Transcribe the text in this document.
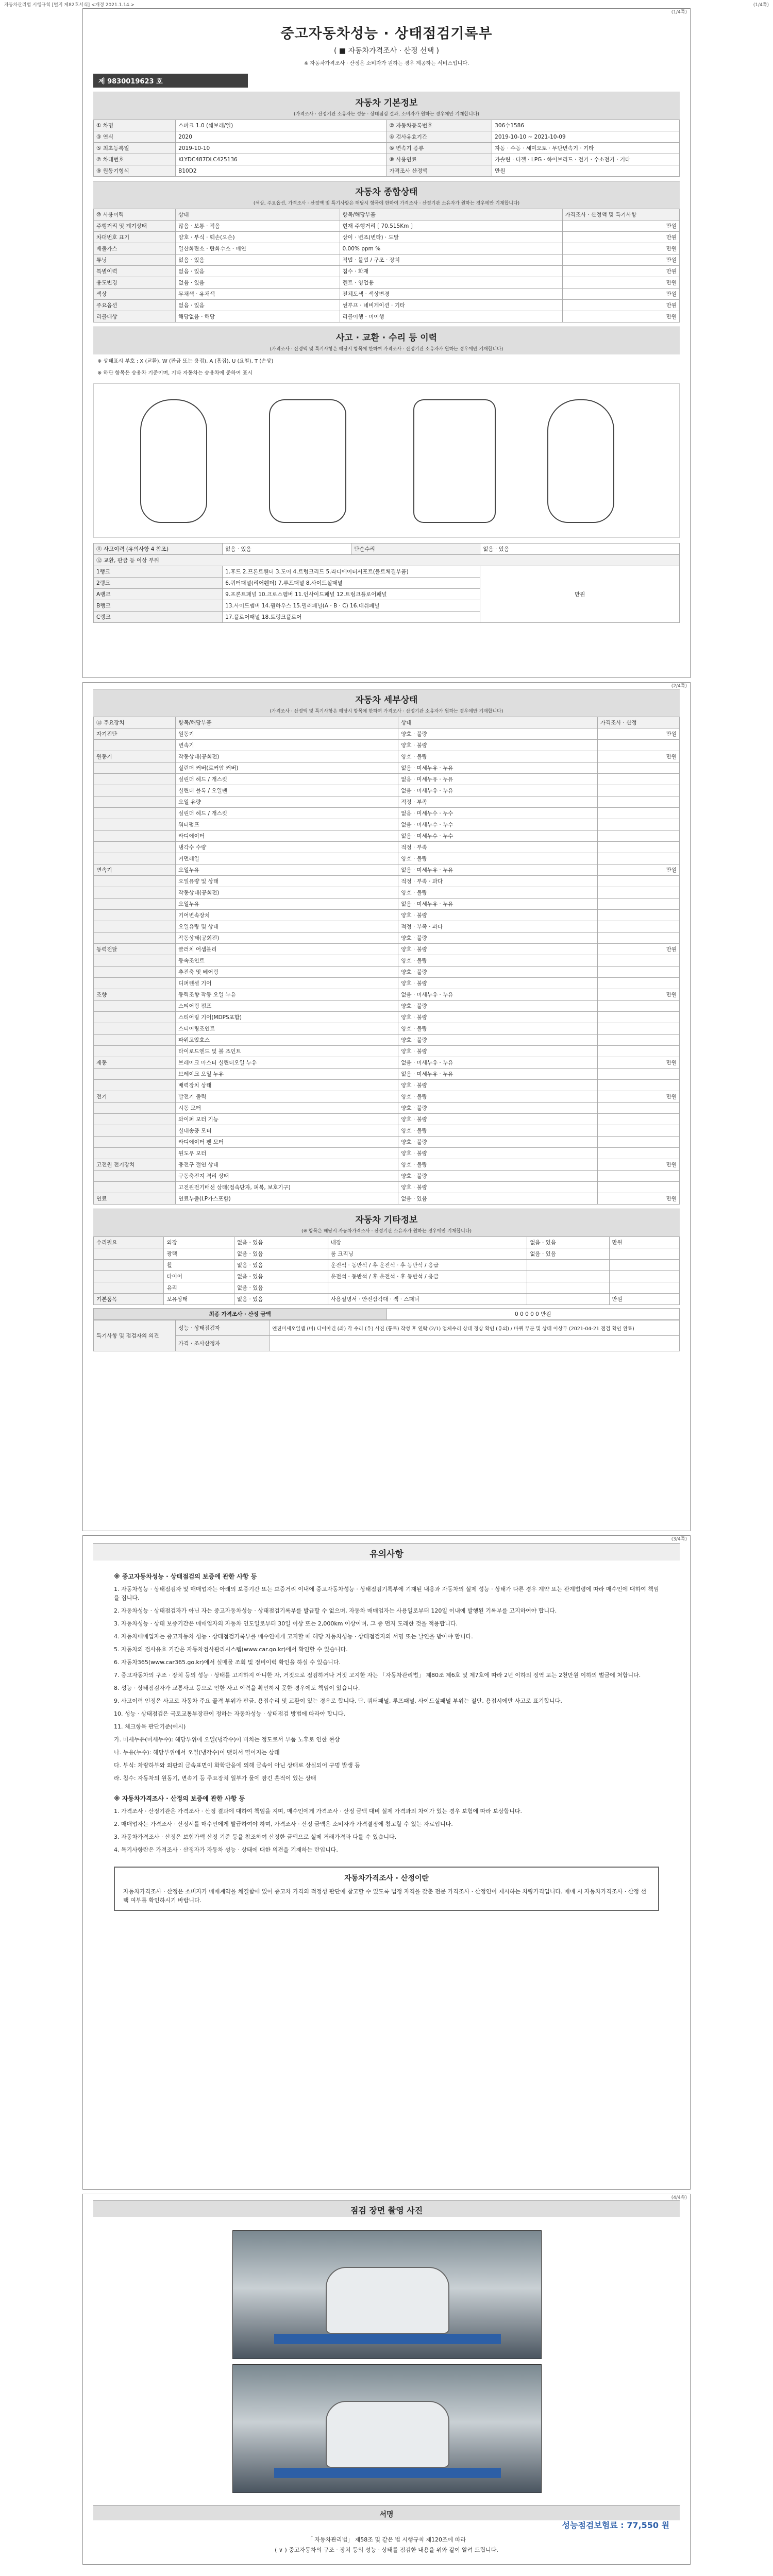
자동차관리법 시행규칙 [별지 제82호서식] <개정 2021.1.14.>	(1/4쪽)
(1/4쪽)
중고자동차성능 · 상태점검기록부
( ■ 자동차가격조사 · 산정 선택 )
※ 자동차가격조사 · 산정은 소비자가 원하는 경우 제공하는 서비스입니다.
제 9830019623 호
자동차 기본정보
(가격조사 · 산정기관 소유자는 성능 · 상태점검 결과, 소비자가 원하는 경우에만 기재합니다)
① 차명	스파크 1.0 (쉐보레/일)	② 자동차등록번호	306수1586
③ 연식	2020	④ 검사유효기간	2019-10-10 ~ 2021-10-09
⑤ 최초등록일	2019-10-10	⑥ 변속기 종류	자동 · 수동 · 세미오토 · 무단변속기 · 기타
⑦ 차대번호	KLYDC487DLC425136	⑧ 사용연료	가솔린 · 디젤 · LPG · 하이브리드 · 전기 · 수소전기 · 기타
⑨ 원동기형식	B10D2	가격조사 산정액	만원
자동차 종합상태
(색상, 주요옵션, 가격조사 · 산정액 및 특기사항은 해당시 항목에 한하여 가격조사 · 산정기관 소유자가 원하는 경우에만 기재합니다)
⑩ 사용이력	상태	항목/해당부품	가격조사 · 산정액 및 특기사항
주행거리 및 계기상태	많음 · 보통 · 적음	현재 주행거리 [ 70,515Km ]	만원
차대번호 표기	양호 · 부식 · 훼손(오손)	상이 · 변조(변타) · 도말	만원
배출가스	일산화탄소 · 탄화수소 · 매연	0.00% ppm %	만원
튜닝	없음 · 있음	적법 · 불법 / 구조 · 장치	만원
특별이력	없음 · 있음	침수 · 화재	만원
용도변경	없음 · 있음	렌트 · 영업용	만원
색상	무채색 · 유채색	전체도색 · 색상변경	만원
주요옵션	없음 · 있음	썬루프 · 네비게이션 · 기타	만원
리콜대상	해당없음 · 해당	리콜이행 · 미이행	만원
사고 · 교환 · 수리 등 이력
(가격조사 · 산정액 및 특기사항은 해당시 항목에 한하여 가격조사 · 산정기관 소유자가 원하는 경우에만 기재합니다)
※ 상태표시 부호 : X (교환), W (판금 또는 용접), A (흠집), U (요철), T (손상)
※ 하단 항목은 승용차 기준이며, 기타 자동차는 승용차에 준하여 표시
⑪ 사고이력 (유의사항 4 참조)	없음 · 있음	단순수리	없음 · 있음
⑫ 교환, 판금 등 이상 부위			
1랭크	1.후드 2.프론트휀더 3.도어 4.트렁크리드 5.라디에이터서포트(볼트체결부품)		만원
2랭크	6.쿼터패널(리어휀더) 7.루프패널 8.사이드실패널		
A랭크	9.프론트패널 10.크로스멤버 11.인사이드패널 12.트렁크플로어패널		
B랭크	13.사이드멤버 14.휠하우스 15.필러패널(A · B · C) 16.대쉬패널		
C랭크	17.플로어패널 18.트렁크플로어		
(2/4쪽)
자동차 세부상태
(가격조사 · 산정액 및 특기사항은 해당시 항목에 한하여 가격조사 · 산정기관 소유자가 원하는 경우에만 기재합니다)
⑬ 주요장치	항목/해당부품	상태	가격조사 · 산정
자기진단	원동기	양호 · 불량	만원
	변속기	양호 · 불량	
원동기	작동상태(공회전)	양호 · 불량	만원
	실린더 커버(로커암 커버)	없음 · 미세누유 · 누유	
	실린더 헤드 / 개스킷	없음 · 미세누유 · 누유	
	실린더 블록 / 오일팬	없음 · 미세누유 · 누유	
	오일 유량	적정 · 부족	
	실린더 헤드 / 개스킷	없음 · 미세누수 · 누수	
	워터펌프	없음 · 미세누수 · 누수	
	라디에이터	없음 · 미세누수 · 누수	
	냉각수 수량	적정 · 부족	
	커먼레일	양호 · 불량	
변속기	오일누유	없음 · 미세누유 · 누유	만원
	오일유량 및 상태	적정 · 부족 · 과다	
	작동상태(공회전)	양호 · 불량	
	오일누유	없음 · 미세누유 · 누유	
	기어변속장치	양호 · 불량	
	오일유량 및 상태	적정 · 부족 · 과다	
	작동상태(공회전)	양호 · 불량	
동력전달	클러치 어셈블리	양호 · 불량	만원
	등속조인트	양호 · 불량	
	추진축 및 베어링	양호 · 불량	
	디퍼렌셜 기어	양호 · 불량	
조향	동력조향 작동 오일 누유	없음 · 미세누유 · 누유	만원
	스티어링 펌프	양호 · 불량	
	스티어링 기어(MDPS포함)	양호 · 불량	
	스티어링조인트	양호 · 불량	
	파워고압호스	양호 · 불량	
	타이로드엔드 및 볼 조인트	양호 · 불량	
제동	브레이크 마스터 실린더오일 누유	없음 · 미세누유 · 누유	만원
	브레이크 오일 누유	없음 · 미세누유 · 누유	
	배력장치 상태	양호 · 불량	
전기	발전기 출력	양호 · 불량	만원
	시동 모터	양호 · 불량	
	와이퍼 모터 기능	양호 · 불량	
	실내송풍 모터	양호 · 불량	
	라디에이터 팬 모터	양호 · 불량	
	윈도우 모터	양호 · 불량	
고전원 전기장치	충전구 절연 상태	양호 · 불량	만원
	구동축전지 격리 상태	양호 · 불량	
	고전원전기배선 상태(접속단자, 피복, 보호기구)	양호 · 불량	
연료	연료누출(LP가스포함)	없음 · 있음	만원
자동차 기타정보
(※ 항목은 해당시 자동차가격조사 · 산정기관 소유자가 원하는 경우에만 기재합니다)
수리필요	외장	없음 · 있음	내장	없음 · 있음	만원
	광택	없음 · 있음	룸 크리닝	없음 · 있음	
	휠	없음 · 있음	운전석 · 동반석 / 후 운전석 · 후 동반석 / 응급		
	타이어	없음 · 있음	운전석 · 동반석 / 후 운전석 · 후 동반석 / 응급		
	유리	없음 · 있음			
기본품목	보유상태	없음 · 있음	사용설명서 · 안전삼각대 · 잭 · 스패너		만원
최종 가격조사 · 산정 금액	0 0 0 0 0 만원
특기사항 및 점검자의 의견	성능 · 상태점검자	엔진미세오일샘 (비) 다이아건 (좌) 각 수리 (우) 사진 (통로) 작성 후 연락 (2/1) 업체수리 상태 정상 확인 (유의) / 바퀴 부분 및 상태 이상무 (2021-04-21 점검 확인 완료)
	가격 · 조사산정자	
(3/4쪽)
유의사항
※ 중고자동차성능 · 상태점검의 보증에 관한 사항 등
1. 자동차성능 · 상태점검자 및 매매업자는 아래의 보증기간 또는 보증거리 이내에 중고자동차성능 · 상태점검기록부에 기재된 내용과 자동차의 실제 성능 · 상태가 다른 경우 계약 또는 관계법령에 따라 매수인에 대하여 책임을 집니다.
2. 자동차성능 · 상태점검자가 아닌 자는 중고자동차성능 · 상태점검기록부를 발급할 수 없으며, 자동차 매매업자는 사용일로부터 120일 이내에 발행된 기록부를 고지하여야 합니다.
3. 자동차성능 · 상태 보증기간은 매매업자의 자동차 인도일로부터 30일 이상 또는 2,000km 이상이며, 그 중 먼저 도래한 것을 적용합니다.
4. 자동차매매업자는 중고자동차 성능 · 상태점검기록부를 매수인에게 고지할 때 해당 자동차성능 · 상태점검자의 서명 또는 날인을 받아야 합니다.
5. 자동차의 검사유효 기간은 자동차검사관리시스템(www.car.go.kr)에서 확인할 수 있습니다.
6. 자동차365(www.car365.go.kr)에서 실매물 조회 및 정비이력 확인을 하실 수 있습니다.
7. 중고자동차의 구조 · 장치 등의 성능 · 상태를 고지하지 아니한 자, 거짓으로 점검하거나 거짓 고지한 자는 「자동차관리법」 제80조 제6호 및 제7호에 따라 2년 이하의 징역 또는 2천만원 이하의 벌금에 처합니다.
8. 성능 · 상태점검자가 교통사고 등으로 인한 사고 이력을 확인하지 못한 경우에도 책임이 있습니다.
9. 사고이력 인정은 사고로 자동차 주요 골격 부위가 판금, 용접수리 및 교환이 있는 경우로 합니다. 단, 쿼터패널, 루프패널, 사이드실패널 부위는 절단, 용접시에만 사고로 표기합니다.
10. 성능 · 상태점검은 국토교통부장관이 정하는 자동차성능 · 상태점검 방법에 따라야 합니다.
11. 체크항목 판단기준(예시)
가. 미세누유(미세누수): 해당부위에 오일(냉각수)이 비치는 정도로서 부품 노후로 인한 현상
나. 누유(누수): 해당부위에서 오일(냉각수)이 맺혀서 떨어지는 상태
다. 부식: 차량하부와 외판의 금속표면이 화학반응에 의해 금속이 아닌 상태로 상실되어 구멍 발생 등
라. 침수: 자동차의 원동기, 변속기 등 주요장치 일부가 물에 잠긴 흔적이 있는 상태
※ 자동차가격조사 · 산정의 보증에 관한 사항 등
1. 가격조사 · 산정기관은 가격조사 · 산정 결과에 대하여 책임을 지며, 매수인에게 가격조사 · 산정 금액 대비 실제 가격과의 차이가 있는 경우 보험에 따라 보상합니다.
2. 매매업자는 가격조사 · 산정서를 매수인에게 발급하여야 하며, 가격조사 · 산정 금액은 소비자가 가격결정에 참고할 수 있는 자료입니다.
3. 자동차가격조사 · 산정은 보험가액 산정 기준 등을 참조하여 산정한 금액으로 실제 거래가격과 다를 수 있습니다.
4. 특기사항란은 가격조사 · 산정자가 자동차 성능 · 상태에 대한 의견을 기재하는 란입니다.
자동차가격조사 · 산정이란
자동차가격조사 · 산정은 소비자가 매매계약을 체결함에 있어 중고차 가격의 적정성 판단에 참고할 수 있도록 법정 자격을 갖춘 전문 가격조사 · 산정인이 제시하는 차량가격입니다. 매매 시 자동차가격조사 · 산정 선택 여부를 확인하시기 바랍니다.
(4/4쪽)
점검 장면 촬영 사진
서명
성능점검보험료 : 77,550 원
「 자동차관리법」 제58조 및 같은 법 시행규칙 제120조에 따라
( ∨ ) 중고자동차의 구조 · 장치 등의 성능 · 상태를 점검한 내용을 위와 같이 알려 드립니다.
